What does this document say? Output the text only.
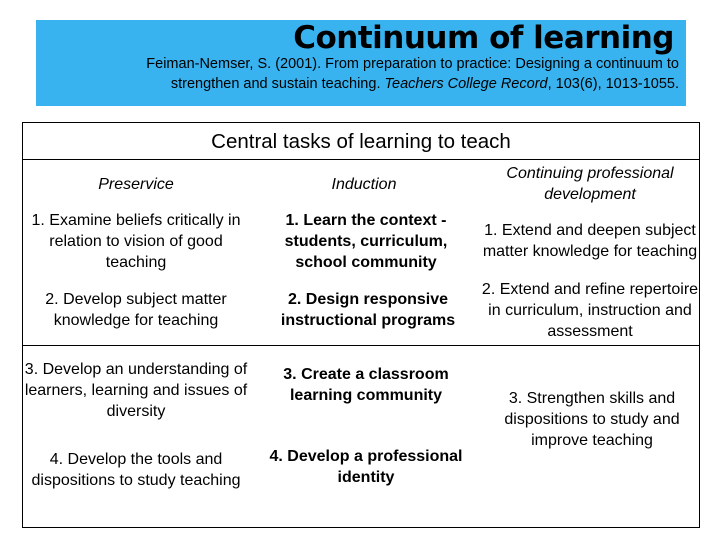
Continuum of learning
Feiman-Nemser, S. (2001). From preparation to practice: Designing a continuum to
strengthen and sustain teaching. Teachers College Record, 103(6), 1013-1055.
Central tasks of learning to teach
Preservice	Induction
Continuing professional development
1. Examine beliefs critically in relation to vision of good teaching
1. Learn the context - students, curriculum, school community
1. Extend and deepen subject matter knowledge for teaching
2. Develop subject matter knowledge for teaching
2. Design responsive instructional programs
2. Extend and refine repertoire in curriculum, instruction and assessment
3. Develop an understanding of learners, learning and issues of diversity
3. Create a classroom learning community
4. Develop the tools and dispositions to study teaching
4. Develop a professional identity
3. Strengthen skills and dispositions to study and improve teaching
